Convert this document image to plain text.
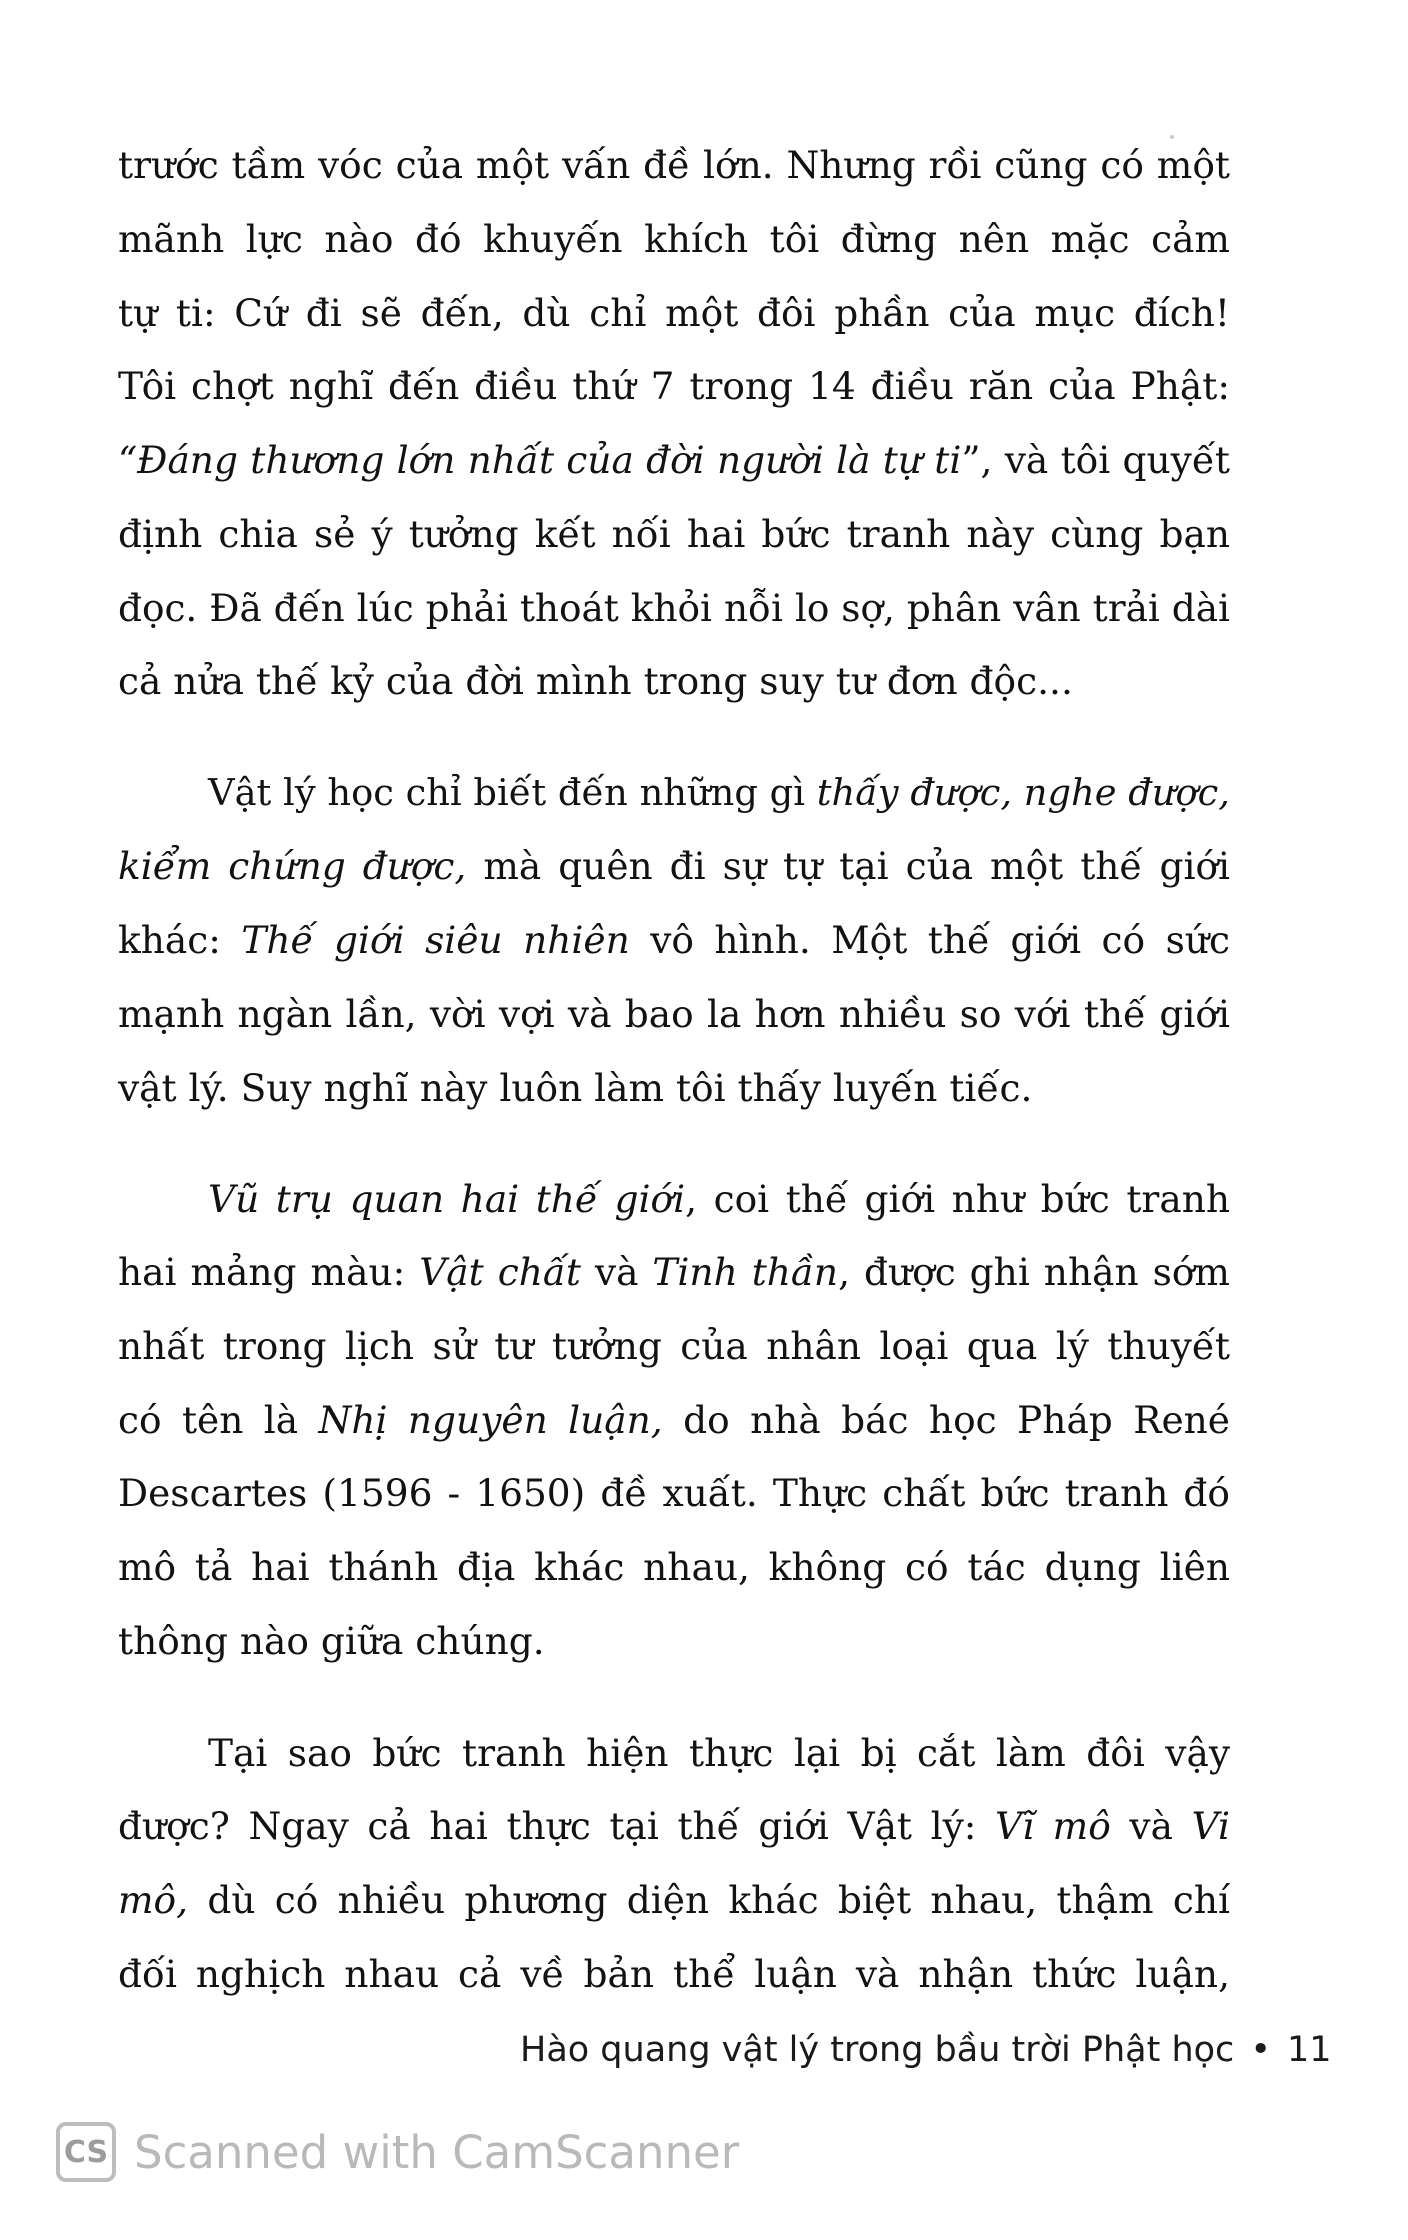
trước tầm vóc của một vấn đề lớn. Nhưng rồi cũng có một
mãnh lực nào đó khuyến khích tôi đừng nên mặc cảm
tự ti: Cứ đi sẽ đến, dù chỉ một đôi phần của mục đích!
Tôi chợt nghĩ đến điều thứ 7 trong 14 điều răn của Phật:
“Đáng thương lớn nhất của đời người là tự ti”, và tôi quyết
định chia sẻ ý tưởng kết nối hai bức tranh này cùng bạn
đọc. Đã đến lúc phải thoát khỏi nỗi lo sợ, phân vân trải dài
cả nửa thế kỷ của đời mình trong suy tư đơn độc...
Vật lý học chỉ biết đến những gì thấy được, nghe được,
kiểm chứng được, mà quên đi sự tự tại của một thế giới
khác: Thế giới siêu nhiên vô hình. Một thế giới có sức
mạnh ngàn lần, vời vợi và bao la hơn nhiều so với thế giới
vật lý. Suy nghĩ này luôn làm tôi thấy luyến tiếc.
Vũ trụ quan hai thế giới, coi thế giới như bức tranh
hai mảng màu: Vật chất và Tinh thần, được ghi nhận sớm
nhất trong lịch sử tư tưởng của nhân loại qua lý thuyết
có tên là Nhị nguyên luận, do nhà bác học Pháp René
Descartes (1596 - 1650) đề xuất. Thực chất bức tranh đó
mô tả hai thánh địa khác nhau, không có tác dụng liên
thông nào giữa chúng.
Tại sao bức tranh hiện thực lại bị cắt làm đôi vậy
được? Ngay cả hai thực tại thế giới Vật lý: Vĩ mô và Vi
mô, dù có nhiều phương diện khác biệt nhau, thậm chí
đối nghịch nhau cả về bản thể luận và nhận thức luận,
Hào quang vật lý trong bầu trời Phật học • 11
CS Scanned with CamScanner
